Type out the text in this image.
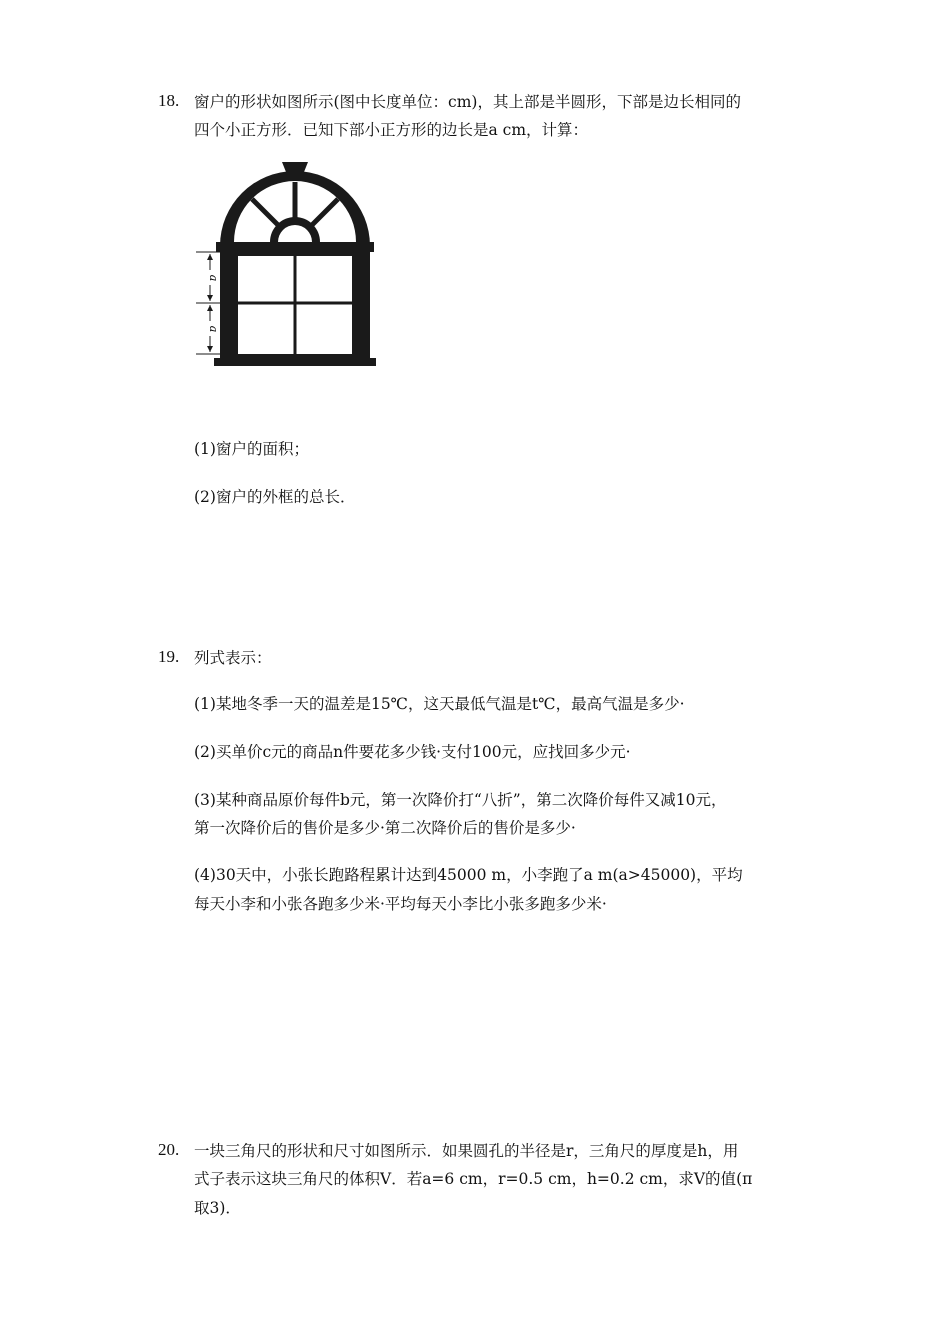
18. 窗户的形状如图所示(图中长度单位：cm)，其上部是半圆形，下部是边长相同的
四个小正方形．已知下部小正方形的边长是a cm，计算：
a
a
(1)窗户的面积；
(2)窗户的外框的总长．
19. 列式表示：
(1)某地冬季一天的温差是15℃，这天最低气温是t℃，最高气温是多少·
(2)买单价c元的商品n件要花多少钱·支付100元，应找回多少元·
(3)某种商品原价每件b元，第一次降价打“八折”，第二次降价每件又减10元，
第一次降价后的售价是多少·第二次降价后的售价是多少·
(4)30天中，小张长跑路程累计达到45000 m，小李跑了a m(a>45000)，平均
每天小李和小张各跑多少米·平均每天小李比小张多跑多少米·
20. 一块三角尺的形状和尺寸如图所示．如果圆孔的半径是r，三角尺的厚度是h，用
式子表示这块三角尺的体积V．若a=6 cm，r=0.5 cm，h=0.2 cm，求V的值(π
取3)．
